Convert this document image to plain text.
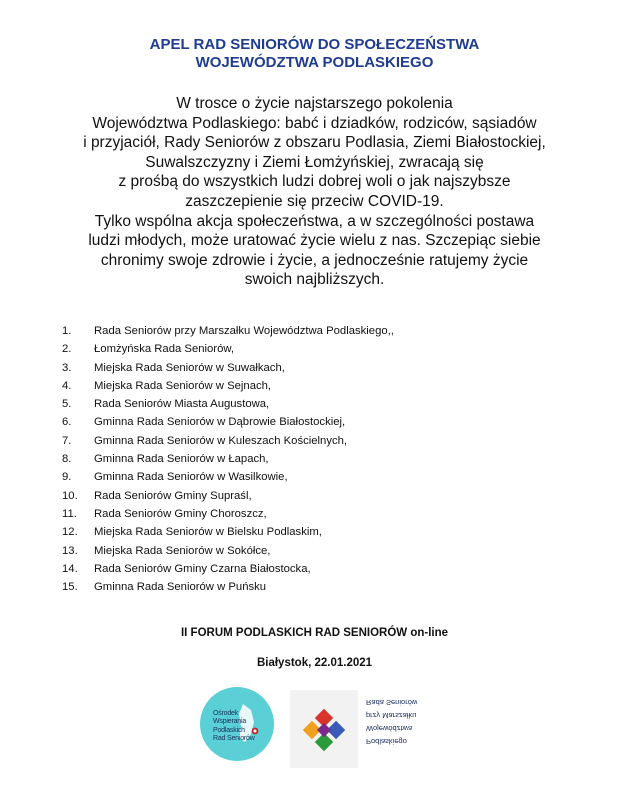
APEL RAD SENIORÓW DO SPOŁECZEŃSTWA
WOJEWÓDZTWA PODLASKIEGO
W trosce o życie najstarszego pokolenia
Województwa Podlaskiego: babć i dziadków, rodziców, sąsiadów
i przyjaciół, Rady Seniorów z obszaru Podlasia, Ziemi Białostockiej,
Suwalszczyzny i Ziemi Łomżyńskiej, zwracają się
z prośbą do wszystkich ludzi dobrej woli o jak najszybsze
zaszczepienie się przeciw COVID-19.
Tylko wspólna akcja społeczeństwa, a w szczególności postawa
ludzi młodych, może uratować życie wielu z nas. Szczepiąc siebie
chronimy swoje zdrowie i życie, a jednocześnie ratujemy życie
swoich najbliższych.
1.	Rada Seniorów przy Marszałku Województwa Podlaskiego,,
2.	Łomżyńska Rada Seniorów,
3.	Miejska Rada Seniorów w Suwałkach,
4.	Miejska Rada Seniorów w Sejnach,
5.	Rada Seniorów Miasta Augustowa,
6.	Gminna Rada Seniorów w Dąbrowie Białostockiej,
7.	Gminna Rada Seniorów w Kuleszach Kościelnych,
8.	Gminna Rada Seniorów w Łapach,
9.	Gminna Rada Seniorów w Wasilkowie,
10.	Rada Seniorów Gminy Supraśl,
11.	Rada Seniorów Gminy Choroszcz,
12.	Miejska Rada Seniorów w Bielsku Podlaskim,
13.	Miejska Rada Seniorów w Sokółce,
14.	Rada Seniorów Gminy Czarna Białostocka,
15.	Gminna Rada Seniorów w Puńsku
II FORUM PODLASKICH RAD SENIORÓW on-line
Białystok, 22.01.2021
Ośrodek
Wspierania
Podlaskich
Rad Seniorów	Podlaskiego
Województwa
przy Marszałku
Rada Seniorów
